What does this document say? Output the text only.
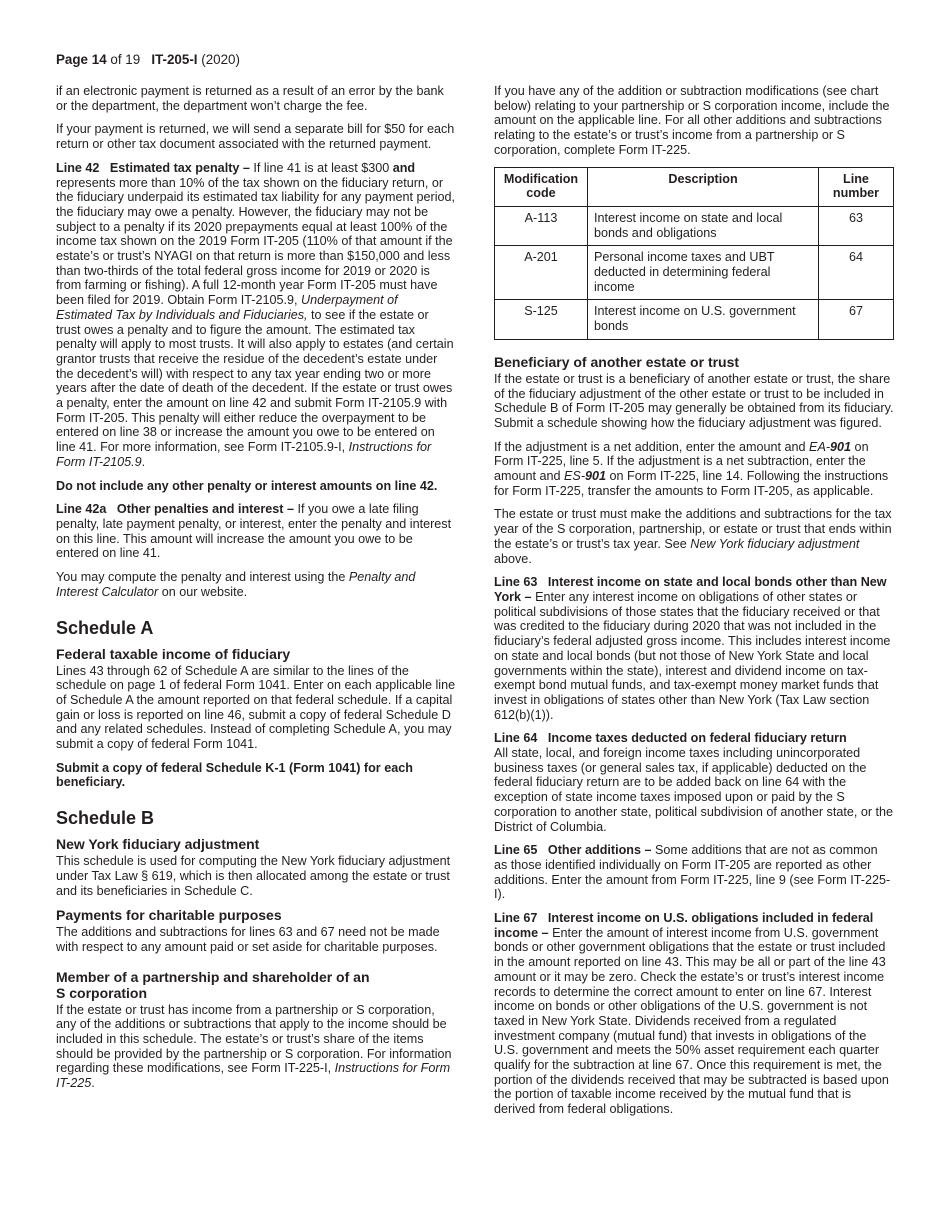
Page 14 of 19 IT-205-I (2020)

if an electronic payment is returned as a result of an error by the bank or the department, the department won’t charge the fee.

If your payment is returned, we will send a separate bill for $50 for each return or other tax document associated with the returned payment.

Line 42 Estimated tax penalty – If line 41 is at least $300 and represents more than 10% of the tax shown on the fiduciary return, or the fiduciary underpaid its estimated tax liability for any payment period, the fiduciary may owe a penalty. However, the fiduciary may not be subject to a penalty if its 2020 prepayments equal at least 100% of the income tax shown on the 2019 Form IT-205 (110% of that amount if the estate’s or trust’s NYAGI on that return is more than $150,000 and less than two-thirds of the total federal gross income for 2019 or 2020 is from farming or fishing). A full 12-month year Form IT-205 must have been filed for 2019. Obtain Form IT-2105.9, Underpayment of Estimated Tax by Individuals and Fiduciaries, to see if the estate or trust owes a penalty and to figure the amount. The estimated tax penalty will apply to most trusts. It will also apply to estates (and certain grantor trusts that receive the residue of the decedent’s estate under the decedent’s will) with respect to any tax year ending two or more years after the date of death of the decedent. If the estate or trust owes a penalty, enter the amount on line 42 and submit Form IT-2105.9 with Form IT-205. This penalty will either reduce the overpayment to be entered on line 38 or increase the amount you owe to be entered on line 41. For more information, see Form IT-2105.9-I, Instructions for Form IT-2105.9.

Do not include any other penalty or interest amounts on line 42.

Line 42a Other penalties and interest – If you owe a late filing penalty, late payment penalty, or interest, enter the penalty and interest on this line. This amount will increase the amount you owe to be entered on line 41.

You may compute the penalty and interest using the Penalty and Interest Calculator on our website.

Schedule A
Federal taxable income of fiduciary

Lines 43 through 62 of Schedule A are similar to the lines of the schedule on page 1 of federal Form 1041. Enter on each applicable line of Schedule A the amount reported on that federal schedule. If a capital gain or loss is reported on line 46, submit a copy of federal Schedule D and any related schedules. Instead of completing Schedule A, you may submit a copy of federal Form 1041.

Submit a copy of federal Schedule K-1 (Form 1041) for each beneficiary.

Schedule B
New York fiduciary adjustment

This schedule is used for computing the New York fiduciary adjustment under Tax Law § 619, which is then allocated among the estate or trust and its beneficiaries in Schedule C.

Payments for charitable purposes

The additions and subtractions for lines 63 and 67 need not be made with respect to any amount paid or set aside for charitable purposes.

Member of a partnership and shareholder of an
S corporation

If the estate or trust has income from a partnership or S corporation, any of the additions or subtractions that apply to the income should be included in this schedule. The estate’s or trust’s share of the items should be provided by the partnership or S corporation. For information regarding these modifications, see Form IT-225-I, Instructions for Form IT-225.

If you have any of the addition or subtraction modifications (see chart below) relating to your partnership or S corporation income, include the amount on the applicable line. For all other additions and subtractions relating to the estate’s or trust’s income from a partnership or S corporation, complete Form IT-225.

Modification code	Description	Line number
A-113	Interest income on state and local bonds and obligations	63
A-201	Personal income taxes and UBT deducted in determining federal income	64
S-125	Interest income on U.S. government bonds	67
Beneficiary of another estate or trust

If the estate or trust is a beneficiary of another estate or trust, the share of the fiduciary adjustment of the other estate or trust to be included in Schedule B of Form IT-205 may generally be obtained from its fiduciary. Submit a schedule showing how the fiduciary adjustment was figured.

If the adjustment is a net addition, enter the amount and EA-901 on Form IT-225, line 5. If the adjustment is a net subtraction, enter the amount and ES-901 on Form IT-225, line 14. Following the instructions for Form IT-225, transfer the amounts to Form IT-205, as applicable.

The estate or trust must make the additions and subtractions for the tax year of the S corporation, partnership, or estate or trust that ends within the estate’s or trust’s tax year. See New York fiduciary adjustment above.

Line 63 Interest income on state and local bonds other than New York – Enter any interest income on obligations of other states or political subdivisions of those states that the fiduciary received or that was credited to the fiduciary during 2020 that was not included in the fiduciary’s federal adjusted gross income. This includes interest income on state and local bonds (but not those of New York State and local governments within the state), interest and dividend income on tax-exempt bond mutual funds, and tax-exempt money market funds that invest in obligations of states other than New York (Tax Law section 612(b)(1)).

Line 64 Income taxes deducted on federal fiduciary return
All state, local, and foreign income taxes including unincorporated business taxes (or general sales tax, if applicable) deducted on the federal fiduciary return are to be added back on line 64 with the exception of state income taxes imposed upon or paid by the S corporation to another state, political subdivision of another state, or the District of Columbia.

Line 65 Other additions – Some additions that are not as common as those identified individually on Form IT-205 are reported as other additions. Enter the amount from Form IT-225, line 9 (see Form IT-225-I).

Line 67 Interest income on U.S. obligations included in federal income – Enter the amount of interest income from U.S. government bonds or other government obligations that the estate or trust included in the amount reported on line 43. This may be all or part of the line 43 amount or it may be zero. Check the estate’s or trust’s interest income records to determine the correct amount to enter on line 67. Interest income on bonds or other obligations of the U.S. government is not taxed in New York State. Dividends received from a regulated investment company (mutual fund) that invests in obligations of the U.S. government and meets the 50% asset requirement each quarter qualify for the subtraction at line 67. Once this requirement is met, the portion of the dividends received that may be subtracted is based upon the portion of taxable income received by the mutual fund that is derived from federal obligations.
